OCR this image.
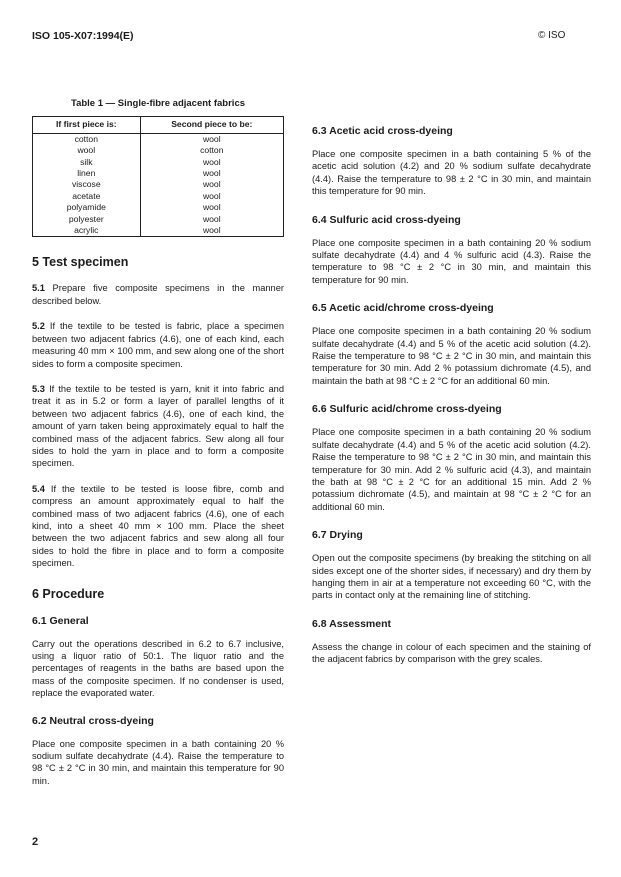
ISO 105-X07:1994(E)	© ISO
Table 1 — Single-fibre adjacent fabrics
If first piece is:	Second piece to be:
cotton	wool
wool	cotton
silk	wool
linen	wool
viscose	wool
acetate	wool
polyamide	wool
polyester	wool
acrylic	wool
5 Test specimen

5.1 Prepare five composite specimens in the manner described below.

5.2 If the textile to be tested is fabric, place a specimen between two adjacent fabrics (4.6), one of each kind, each measuring 40 mm × 100 mm, and sew along one of the short sides to form a composite specimen.

5.3 If the textile to be tested is yarn, knit it into fabric and treat it as in 5.2 or form a layer of parallel lengths of it between two adjacent fabrics (4.6), one of each kind, the amount of yarn taken being approximately equal to half the combined mass of the adjacent fabrics. Sew along all four sides to hold the yarn in place and to form a composite specimen.

5.4 If the textile to be tested is loose fibre, comb and compress an amount approximately equal to half the combined mass of two adjacent fabrics (4.6), one of each kind, into a sheet 40 mm × 100 mm. Place the sheet between the two adjacent fabrics and sew along all four sides to hold the fibre in place and to form a composite specimen.

6 Procedure
6.1 General

Carry out the operations described in 6.2 to 6.7 inclusive, using a liquor ratio of 50:1. The liquor ratio and the percentages of reagents in the baths are based upon the mass of the composite specimen. If no condenser is used, replace the evaporated water.

6.2 Neutral cross-dyeing

Place one composite specimen in a bath containing 20 % sodium sulfate decahydrate (4.4). Raise the temperature to 98 °C ± 2 °C in 30 min, and maintain this temperature for 90 min.

6.3 Acetic acid cross-dyeing

Place one composite specimen in a bath containing 5 % of the acetic acid solution (4.2) and 20 % sodium sulfate decahydrate (4.4). Raise the temperature to 98 ± 2 °C in 30 min, and maintain this temperature for 90 min.

6.4 Sulfuric acid cross-dyeing

Place one composite specimen in a bath containing 20 % sodium sulfate decahydrate (4.4) and 4 % sulfuric acid (4.3). Raise the temperature to 98 °C ± 2 °C in 30 min, and maintain this temperature for 90 min.

6.5 Acetic acid/chrome cross-dyeing

Place one composite specimen in a bath containing 20 % sodium sulfate decahydrate (4.4) and 5 % of the acetic acid solution (4.2). Raise the temperature to 98 °C ± 2 °C in 30 min, and maintain this temperature for 30 min. Add 2 % potassium dichromate (4.5), and maintain the bath at 98 °C ± 2 °C for an additional 60 min.

6.6 Sulfuric acid/chrome cross-dyeing

Place one composite specimen in a bath containing 20 % sodium sulfate decahydrate (4.4) and 5 % of the acetic acid solution (4.2). Raise the temperature to 98 °C ± 2 °C in 30 min, and maintain this temperature for 30 min. Add 2 % sulfuric acid (4.3), and maintain the bath at 98 °C ± 2 °C for an additional 15 min. Add 2 % potassium dichromate (4.5), and maintain at 98 °C ± 2 °C for an additional 60 min.

6.7 Drying

Open out the composite specimens (by breaking the stitching on all sides except one of the shorter sides, if necessary) and dry them by hanging them in air at a temperature not exceeding 60 °C, with the parts in contact only at the remaining line of stitching.

6.8 Assessment

Assess the change in colour of each specimen and the staining of the adjacent fabrics by comparison with the grey scales.

2
